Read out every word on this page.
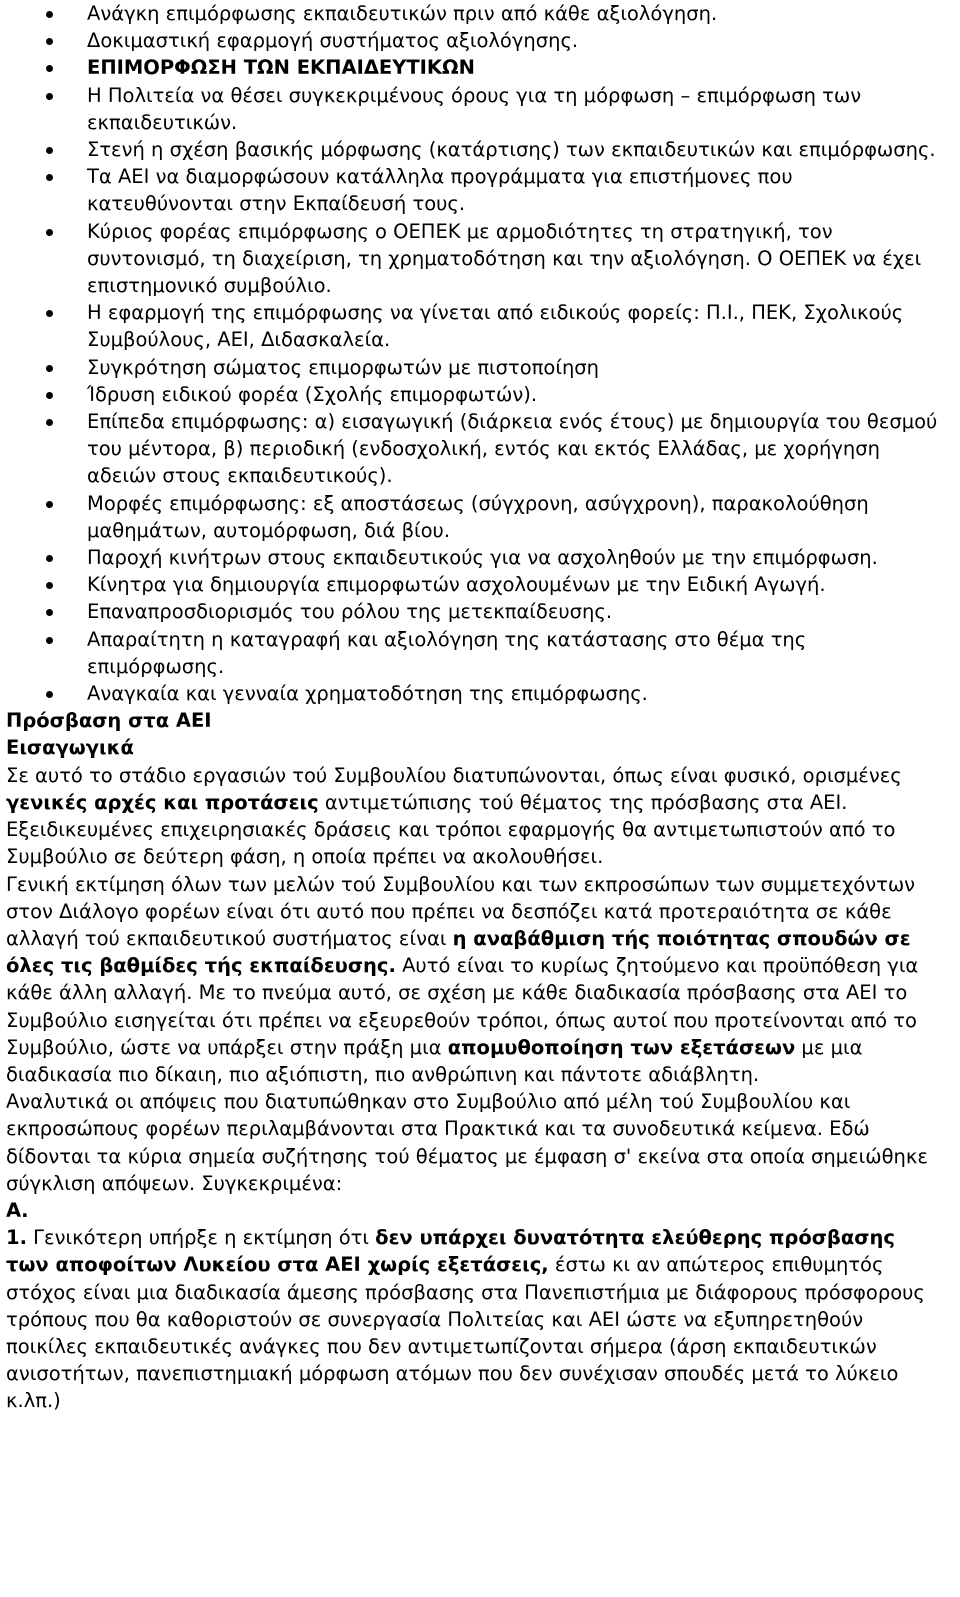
Ανάγκη επιμόρφωσης εκπαιδευτικών πριν από κάθε αξιολόγηση.
Δοκιμαστική εφαρμογή συστήματος αξιολόγησης.
ΕΠΙΜΟΡΦΩΣΗ ΤΩΝ ΕΚΠΑΙΔΕΥΤΙΚΩΝ
Η Πολιτεία να θέσει συγκεκριμένους όρους για τη μόρφωση – επιμόρφωση των εκπαιδευτικών.
Στενή η σχέση βασικής μόρφωσης (κατάρτισης) των εκπαιδευτικών και επιμόρφωσης.
Τα ΑΕΙ να διαμορφώσουν κατάλληλα προγράμματα για επιστήμονες που κατευθύνονται στην Εκπαίδευσή τους.
Κύριος φορέας επιμόρφωσης ο ΟΕΠΕΚ με αρμοδιότητες τη στρατηγική, τον συντονισμό, τη διαχείριση, τη χρηματοδότηση και την αξιολόγηση. Ο ΟΕΠΕΚ να έχει επιστημονικό συμβούλιο.
Η εφαρμογή της επιμόρφωσης να γίνεται από ειδικούς φορείς: Π.Ι., ΠΕΚ, Σχολικούς Συμβούλους, ΑΕΙ, Διδασκαλεία.
Συγκρότηση σώματος επιμορφωτών με πιστοποίηση
Ίδρυση ειδικού φορέα (Σχολής επιμορφωτών).
Επίπεδα επιμόρφωσης: α) εισαγωγική (διάρκεια ενός έτους) με δημιουργία του θεσμού του μέντορα, β) περιοδική (ενδοσχολική, εντός και εκτός Ελλάδας, με χορήγηση αδειών στους εκπαιδευτικούς).
Μορφές επιμόρφωσης: εξ αποστάσεως (σύγχρονη, ασύγχρονη), παρακολούθηση μαθημάτων, αυτομόρφωση, διά βίου.
Παροχή κινήτρων στους εκπαιδευτικούς για να ασχοληθούν με την επιμόρφωση.
Κίνητρα για δημιουργία επιμορφωτών ασχολουμένων με την Ειδική Αγωγή.
Επαναπροσδιορισμός του ρόλου της μετεκπαίδευσης.
Απαραίτητη η καταγραφή και αξιολόγηση της κατάστασης στο θέμα της επιμόρφωσης.
Αναγκαία και γενναία χρηματοδότηση της επιμόρφωσης.
Πρόσβαση στα ΑΕΙ
Εισαγωγικά

Σε αυτό το στάδιο εργασιών τού Συμβουλίου διατυπώνονται, όπως είναι φυσικό, ορισμένες γενικές αρχές και προτάσεις αντιμετώπισης τού θέματος της πρόσβασης στα ΑΕΙ. Εξειδικευμένες επιχειρησιακές δράσεις και τρόποι εφαρμογής θα αντιμετωπιστούν από το Συμβούλιο σε δεύτερη φάση, η οποία πρέπει να ακολουθήσει.

Γενική εκτίμηση όλων των μελών τού Συμβουλίου και των εκπροσώπων των συμμετεχόντων στον Διάλογο φορέων είναι ότι αυτό που πρέπει να δεσπόζει κατά προτεραιότητα σε κάθε αλλαγή τού εκπαιδευτικού συστήματος είναι η αναβάθμιση τής ποιότητας σπουδών σε όλες τις βαθμίδες τής εκπαίδευσης. Αυτό είναι το κυρίως ζητούμενο και προϋπόθεση για κάθε άλλη αλλαγή. Με το πνεύμα αυτό, σε σχέση με κάθε διαδικασία πρόσβασης στα ΑΕΙ το Συμβούλιο εισηγείται ότι πρέπει να εξευρεθούν τρόποι, όπως αυτοί που προτείνονται από το Συμβούλιο, ώστε να υπάρξει στην πράξη μια απομυθοποίηση των εξετάσεων με μια διαδικασία πιο δίκαιη, πιο αξιόπιστη, πιο ανθρώπινη και πάντοτε αδιάβλητη.

Αναλυτικά οι απόψεις που διατυπώθηκαν στο Συμβούλιο από μέλη τού Συμβουλίου και εκπροσώπους φορέων περιλαμβάνονται στα Πρακτικά και τα συνοδευτικά κείμενα. Εδώ δίδονται τα κύρια σημεία συζήτησης τού θέματος με έμφαση σ' εκείνα στα οποία σημειώθηκε σύγκλιση απόψεων. Συγκεκριμένα:

Α.

1. Γενικότερη υπήρξε η εκτίμηση ότι δεν υπάρχει δυνατότητα ελεύθερης πρόσβασης των αποφοίτων Λυκείου στα ΑΕΙ χωρίς εξετάσεις, έστω κι αν απώτερος επιθυμητός στόχος είναι μια διαδικασία άμεσης πρόσβασης στα Πανεπιστήμια με διάφορους πρόσφορους τρόπους που θα καθοριστούν σε συνεργασία Πολιτείας και ΑΕΙ ώστε να εξυπηρετηθούν ποικίλες εκπαιδευτικές ανάγκες που δεν αντιμετωπίζονται σήμερα (άρση εκπαιδευτικών ανισοτήτων, πανεπιστημιακή μόρφωση ατόμων που δεν συνέχισαν σπουδές μετά το λύκειο κ.λπ.)
